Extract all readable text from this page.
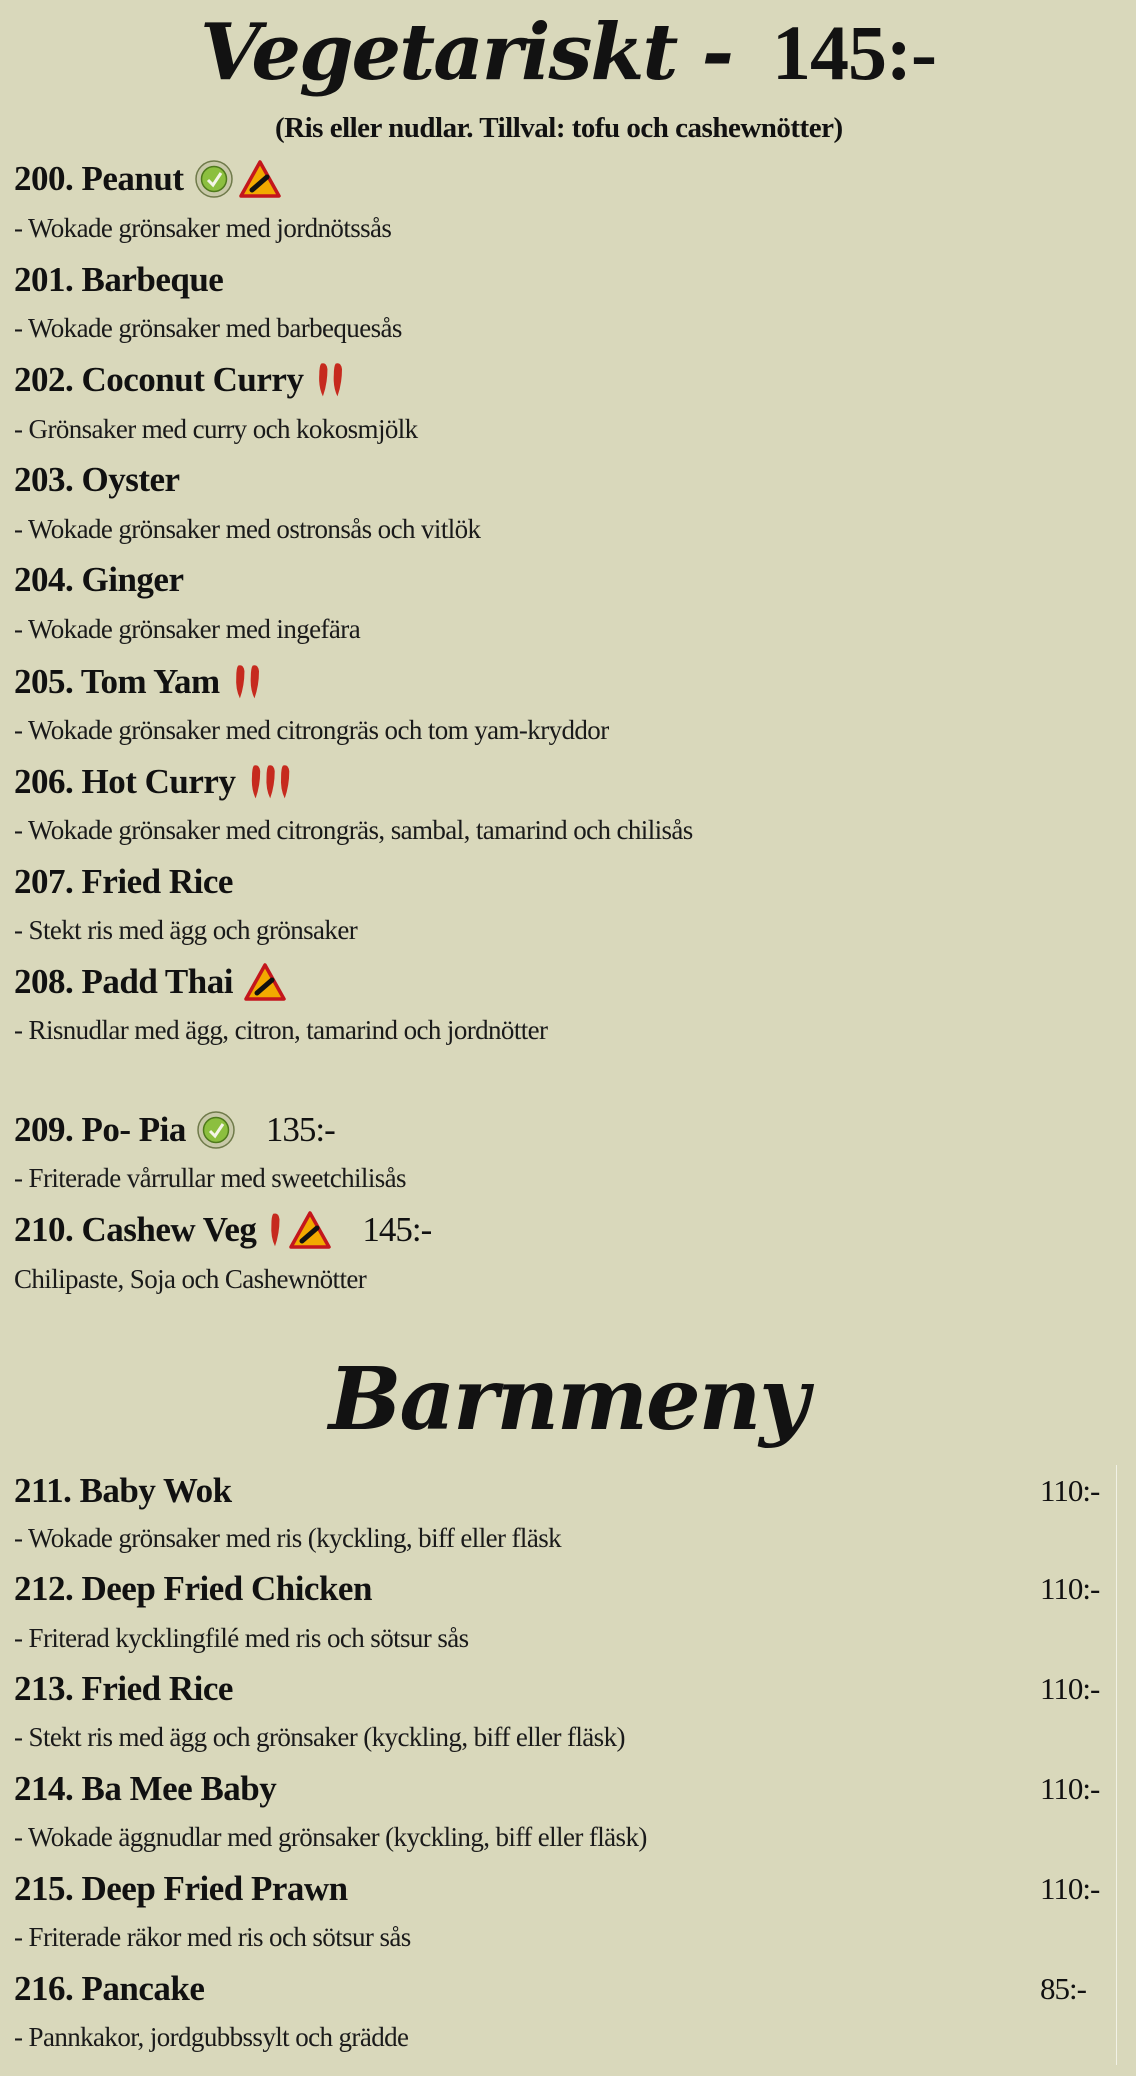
Vegetariskt - 145:-
(Ris eller nudlar. Tillval: tofu och cashewnötter)
200. Peanut
- Wokade grönsaker med jordnötssås
201. Barbeque
- Wokade grönsaker med barbequesås
202. Coconut Curry
- Grönsaker med curry och kokosmjölk
203. Oyster
- Wokade grönsaker med ostronsås och vitlök
204. Ginger
- Wokade grönsaker med ingefära
205. Tom Yam
- Wokade grönsaker med citrongräs och tom yam-kryddor
206. Hot Curry
- Wokade grönsaker med citrongräs, sambal, tamarind och chilisås
207. Fried Rice
- Stekt ris med ägg och grönsaker
208. Padd Thai
- Risnudlar med ägg, citron, tamarind och jordnötter
209. Po- Pia 135:-
- Friterade vårrullar med sweetchilisås
210. Cashew Veg	145:-
Chilipaste, Soja och Cashewnötter
Barnmeny
211. Baby Wok	110:-
- Wokade grönsaker med ris (kyckling, biff eller fläsk
212. Deep Fried Chicken	110:-
- Friterad kycklingfilé med ris och sötsur sås
213. Fried Rice	110:-
- Stekt ris med ägg och grönsaker (kyckling, biff eller fläsk)
214. Ba Mee Baby	110:-
- Wokade äggnudlar med grönsaker (kyckling, biff eller fläsk)
215. Deep Fried Prawn	110:-
- Friterade räkor med ris och sötsur sås
216. Pancake	85:-
- Pannkakor, jordgubbssylt och grädde
